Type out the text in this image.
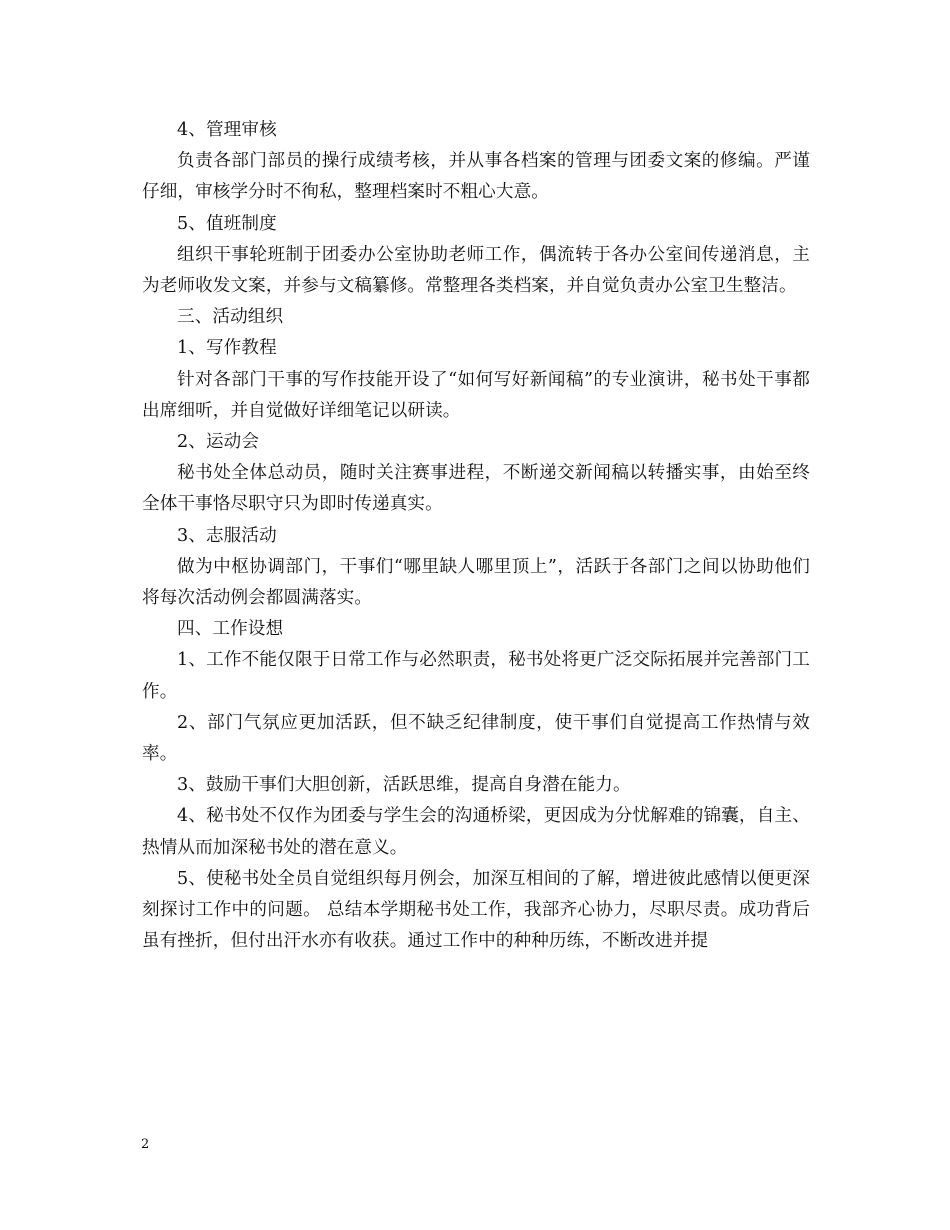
4、管理审核

负责各部门部员的操行成绩考核，并从事各档案的管理与团委文案的修编。严谨仔细，审核学分时不徇私，整理档案时不粗心大意。

5、值班制度

组织干事轮班制于团委办公室协助老师工作，偶流转于各办公室间传递消息，主为老师收发文案，并参与文稿纂修。常整理各类档案，并自觉负责办公室卫生整洁。

三、活动组织

1、写作教程

针对各部门干事的写作技能开设了“如何写好新闻稿”的专业演讲，秘书处干事都出席细听，并自觉做好详细笔记以研读。

2、运动会

秘书处全体总动员，随时关注赛事进程，不断递交新闻稿以转播实事，由始至终全体干事恪尽职守只为即时传递真实。

3、志服活动

做为中枢协调部门，干事们“哪里缺人哪里顶上”，活跃于各部门之间以协助他们将每次活动例会都圆满落实。

四、工作设想

1、工作不能仅限于日常工作与必然职责，秘书处将更广泛交际拓展并完善部门工作。

2、部门气氛应更加活跃，但不缺乏纪律制度，使干事们自觉提高工作热情与效率。

3、鼓励干事们大胆创新，活跃思维，提高自身潜在能力。

4、秘书处不仅作为团委与学生会的沟通桥梁，更因成为分忧解难的锦囊，自主、热情从而加深秘书处的潜在意义。

5、使秘书处全员自觉组织每月例会，加深互相间的了解，增进彼此感情以便更深刻探讨工作中的问题。 总结本学期秘书处工作，我部齐心协力，尽职尽责。成功背后虽有挫折，但付出汗水亦有收获。通过工作中的种种历练，不断改进并提

2
